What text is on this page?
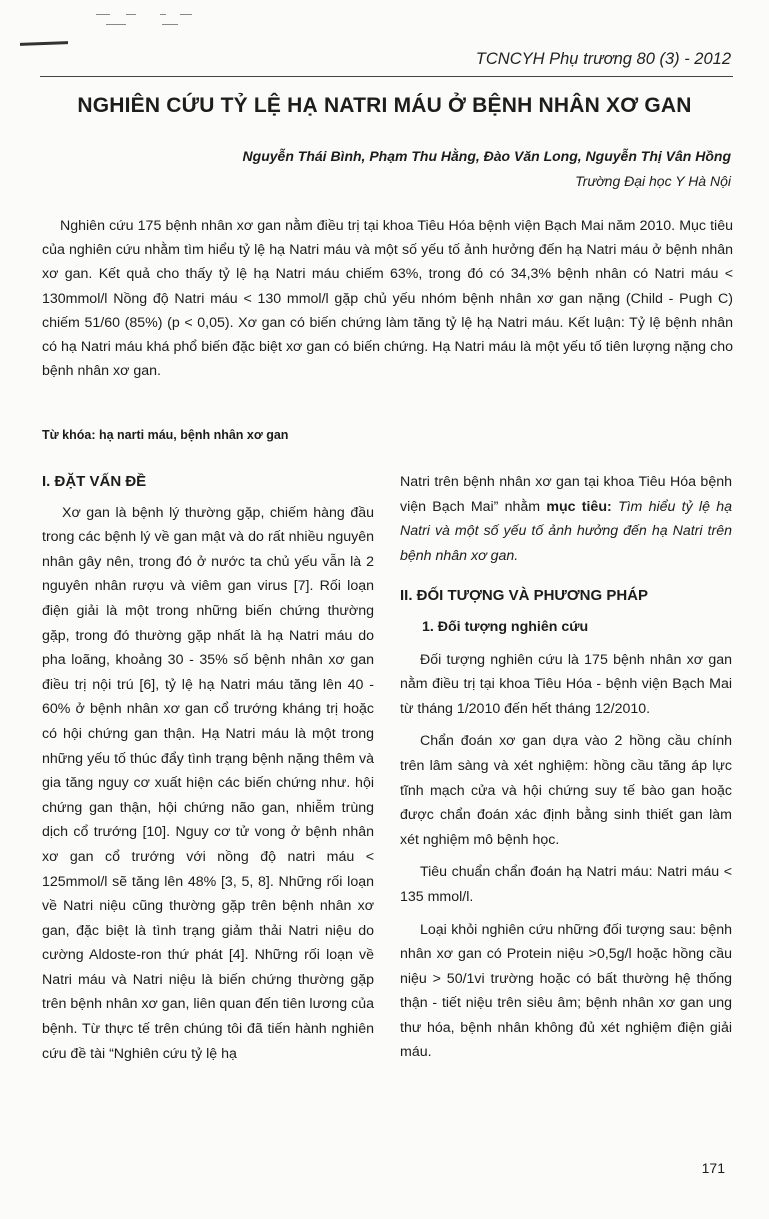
TCNCYH Phụ trương 80 (3) - 2012
NGHIÊN CỨU TỶ LỆ HẠ NATRI MÁU Ở BỆNH NHÂN XƠ GAN
Nguyễn Thái Bình, Phạm Thu Hằng, Đào Văn Long, Nguyễn Thị Vân Hồng
Trường Đại học Y Hà Nội

Nghiên cứu 175 bệnh nhân xơ gan nằm điều trị tại khoa Tiêu Hóa bệnh viện Bạch Mai năm 2010. Mục tiêu của nghiên cứu nhằm tìm hiểu tỷ lệ hạ Natri máu và một số yếu tố ảnh hưởng đến hạ Natri máu ở bệnh nhân xơ gan. Kết quả cho thấy tỷ lệ hạ Natri máu chiếm 63%, trong đó có 34,3% bệnh nhân có Natri máu < 130mmol/l Nồng độ Natri máu < 130 mmol/l gặp chủ yếu nhóm bệnh nhân xơ gan nặng (Child - Pugh C) chiếm 51/60 (85%) (p < 0,05). Xơ gan có biến chứng làm tăng tỷ lệ hạ Natri máu. Kết luận: Tỷ lệ bệnh nhân có hạ Natri máu khá phổ biến đặc biệt xơ gan có biến chứng. Hạ Natri máu là một yếu tố tiên lượng nặng cho bệnh nhân xơ gan.

Từ khóa: hạ narti máu, bệnh nhân xơ gan
I. ĐẶT VẤN ĐỀ

Xơ gan là bệnh lý thường gặp, chiếm hàng đầu trong các bệnh lý về gan mật và do rất nhiều nguyên nhân gây nên, trong đó ở nước ta chủ yếu vẫn là 2 nguyên nhân rượu và viêm gan virus [7]. Rối loạn điện giải là một trong những biến chứng thường gặp, trong đó thường gặp nhất là hạ Natri máu do pha loãng, khoảng 30 - 35% số bệnh nhân xơ gan điều trị nội trú [6], tỷ lệ hạ Natri máu tăng lên 40 - 60% ở bệnh nhân xơ gan cổ trướng kháng trị hoặc có hội chứng gan thận. Hạ Natri máu là một trong những yếu tố thúc đẩy tình trạng bệnh nặng thêm và gia tăng nguy cơ xuất hiện các biến chứng như. hội chứng gan thận, hội chứng não gan, nhiễm trùng dịch cổ trướng [10]. Nguy cơ tử vong ở bệnh nhân xơ gan cổ trướng với nồng độ natri máu < 125mmol/l sẽ tăng lên 48% [3, 5, 8]. Những rối loạn về Natri niệu cũng thường gặp trên bệnh nhân xơ gan, đặc biệt là tình trạng giảm thải Natri niệu do cường Aldoste-ron thứ phát [4]. Những rối loạn về Natri máu và Natri niệu là biến chứng thường gặp trên bệnh nhân xơ gan, liên quan đến tiên lương của bệnh. Từ thực tế trên chúng tôi đã tiến hành nghiên cứu đề tài “Nghiên cứu tỷ lệ hạ

Natri trên bệnh nhân xơ gan tại khoa Tiêu Hóa bệnh viện Bạch Mai” nhằm mục tiêu: Tìm hiểu tỷ lệ hạ Natri và một số yếu tố ảnh hưởng đến hạ Natri trên bệnh nhân xơ gan.

II. ĐỐI TƯỢNG VÀ PHƯƠNG PHÁP
1. Đối tượng nghiên cứu

Đối tượng nghiên cứu là 175 bệnh nhân xơ gan nằm điều trị tại khoa Tiêu Hóa - bệnh viện Bạch Mai từ tháng 1/2010 đến hết tháng 12/2010.

Chẩn đoán xơ gan dựa vào 2 hồng cầu chính trên lâm sàng và xét nghiệm: hồng cầu tăng áp lực tĩnh mạch cửa và hội chứng suy tế bào gan hoặc được chẩn đoán xác định bằng sinh thiết gan làm xét nghiệm mô bệnh học.

Tiêu chuẩn chẩn đoán hạ Natri máu: Natri máu < 135 mmol/l.

Loại khỏi nghiên cứu những đối tượng sau: bệnh nhân xơ gan có Protein niệu >0,5g/l hoặc hồng cầu niệu > 50/1vi trường hoặc có bất thường hệ thống thận - tiết niệu trên siêu âm; bệnh nhân xơ gan ung thư hóa, bệnh nhân không đủ xét nghiệm điện giải máu.

171
